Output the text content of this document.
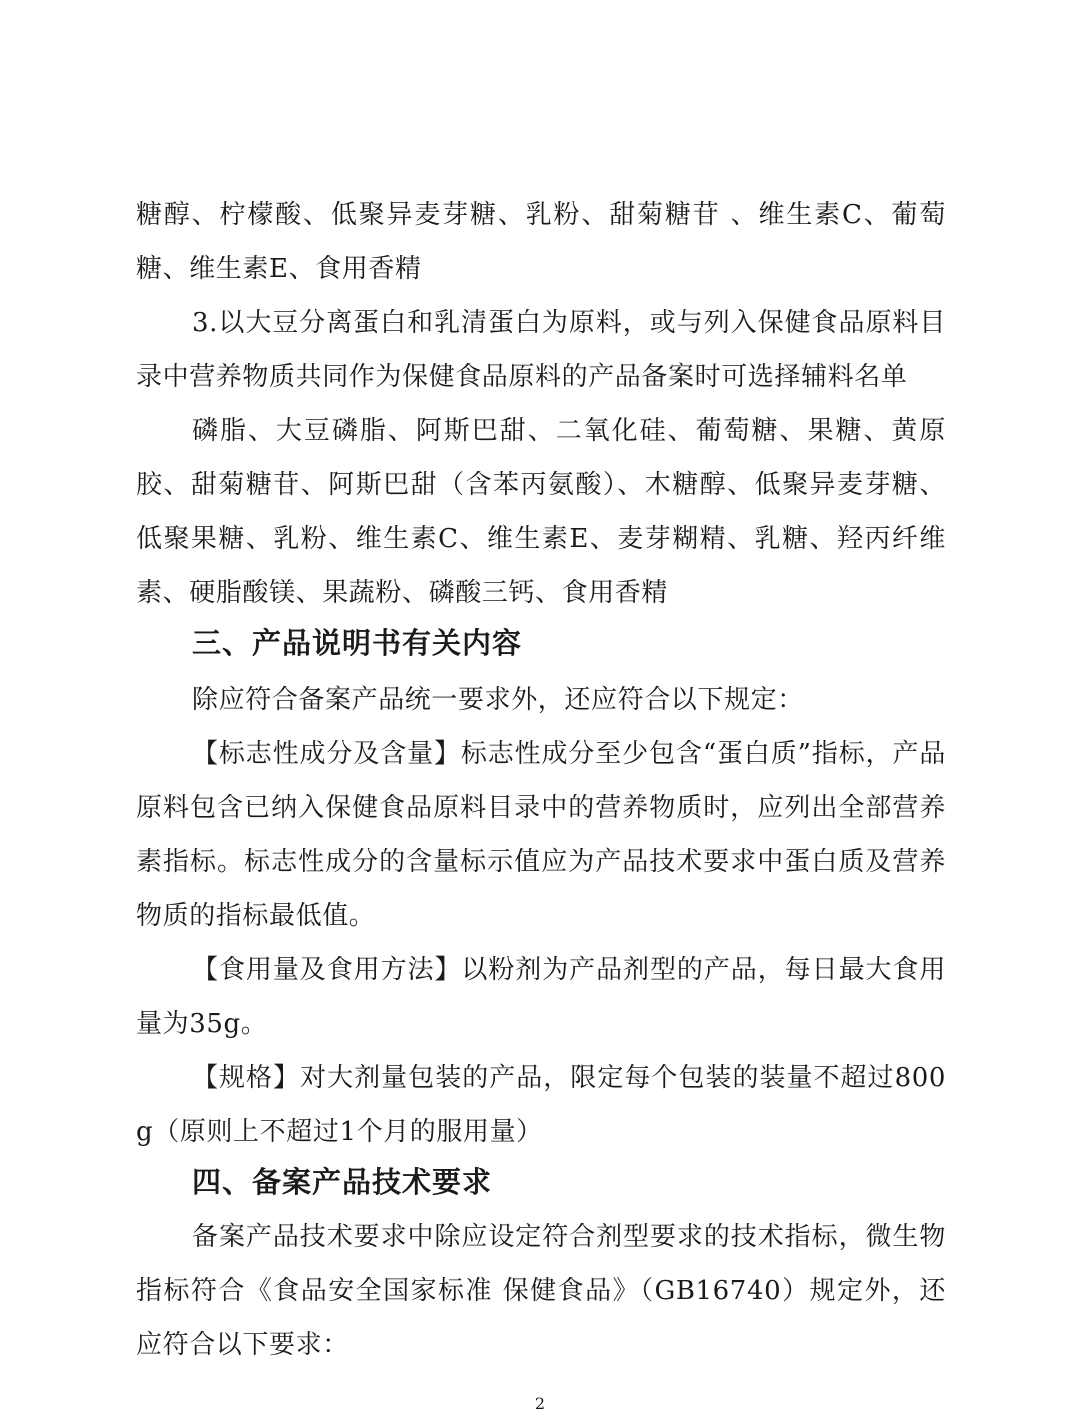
糖醇、柠檬酸、低聚异麦芽糖、乳粉、甜菊糖苷 、维生素C、葡萄糖、维生素E、食用香精

3.以大豆分离蛋白和乳清蛋白为原料，或与列入保健食品原料目录中营养物质共同作为保健食品原料的产品备案时可选择辅料名单

磷脂、大豆磷脂、阿斯巴甜、二氧化硅、葡萄糖、果糖、黄原胶、甜菊糖苷、阿斯巴甜（含苯丙氨酸）、木糖醇、低聚异麦芽糖、低聚果糖、乳粉、维生素C、维生素E、麦芽糊精、乳糖、羟丙纤维素、硬脂酸镁、果蔬粉、磷酸三钙、食用香精

三、产品说明书有关内容

除应符合备案产品统一要求外，还应符合以下规定：

【标志性成分及含量】标志性成分至少包含“蛋白质”指标，产品原料包含已纳入保健食品原料目录中的营养物质时，应列出全部营养素指标。标志性成分的含量标示值应为产品技术要求中蛋白质及营养物质的指标最低值。

【食用量及食用方法】以粉剂为产品剂型的产品，每日最大食用量为35g。

【规格】对大剂量包装的产品，限定每个包装的装量不超过800g（原则上不超过1个月的服用量）

四、备案产品技术要求

备案产品技术要求中除应设定符合剂型要求的技术指标，微生物指标符合《食品安全国家标准 保健食品》（GB16740）规定外，还应符合以下要求：

2
